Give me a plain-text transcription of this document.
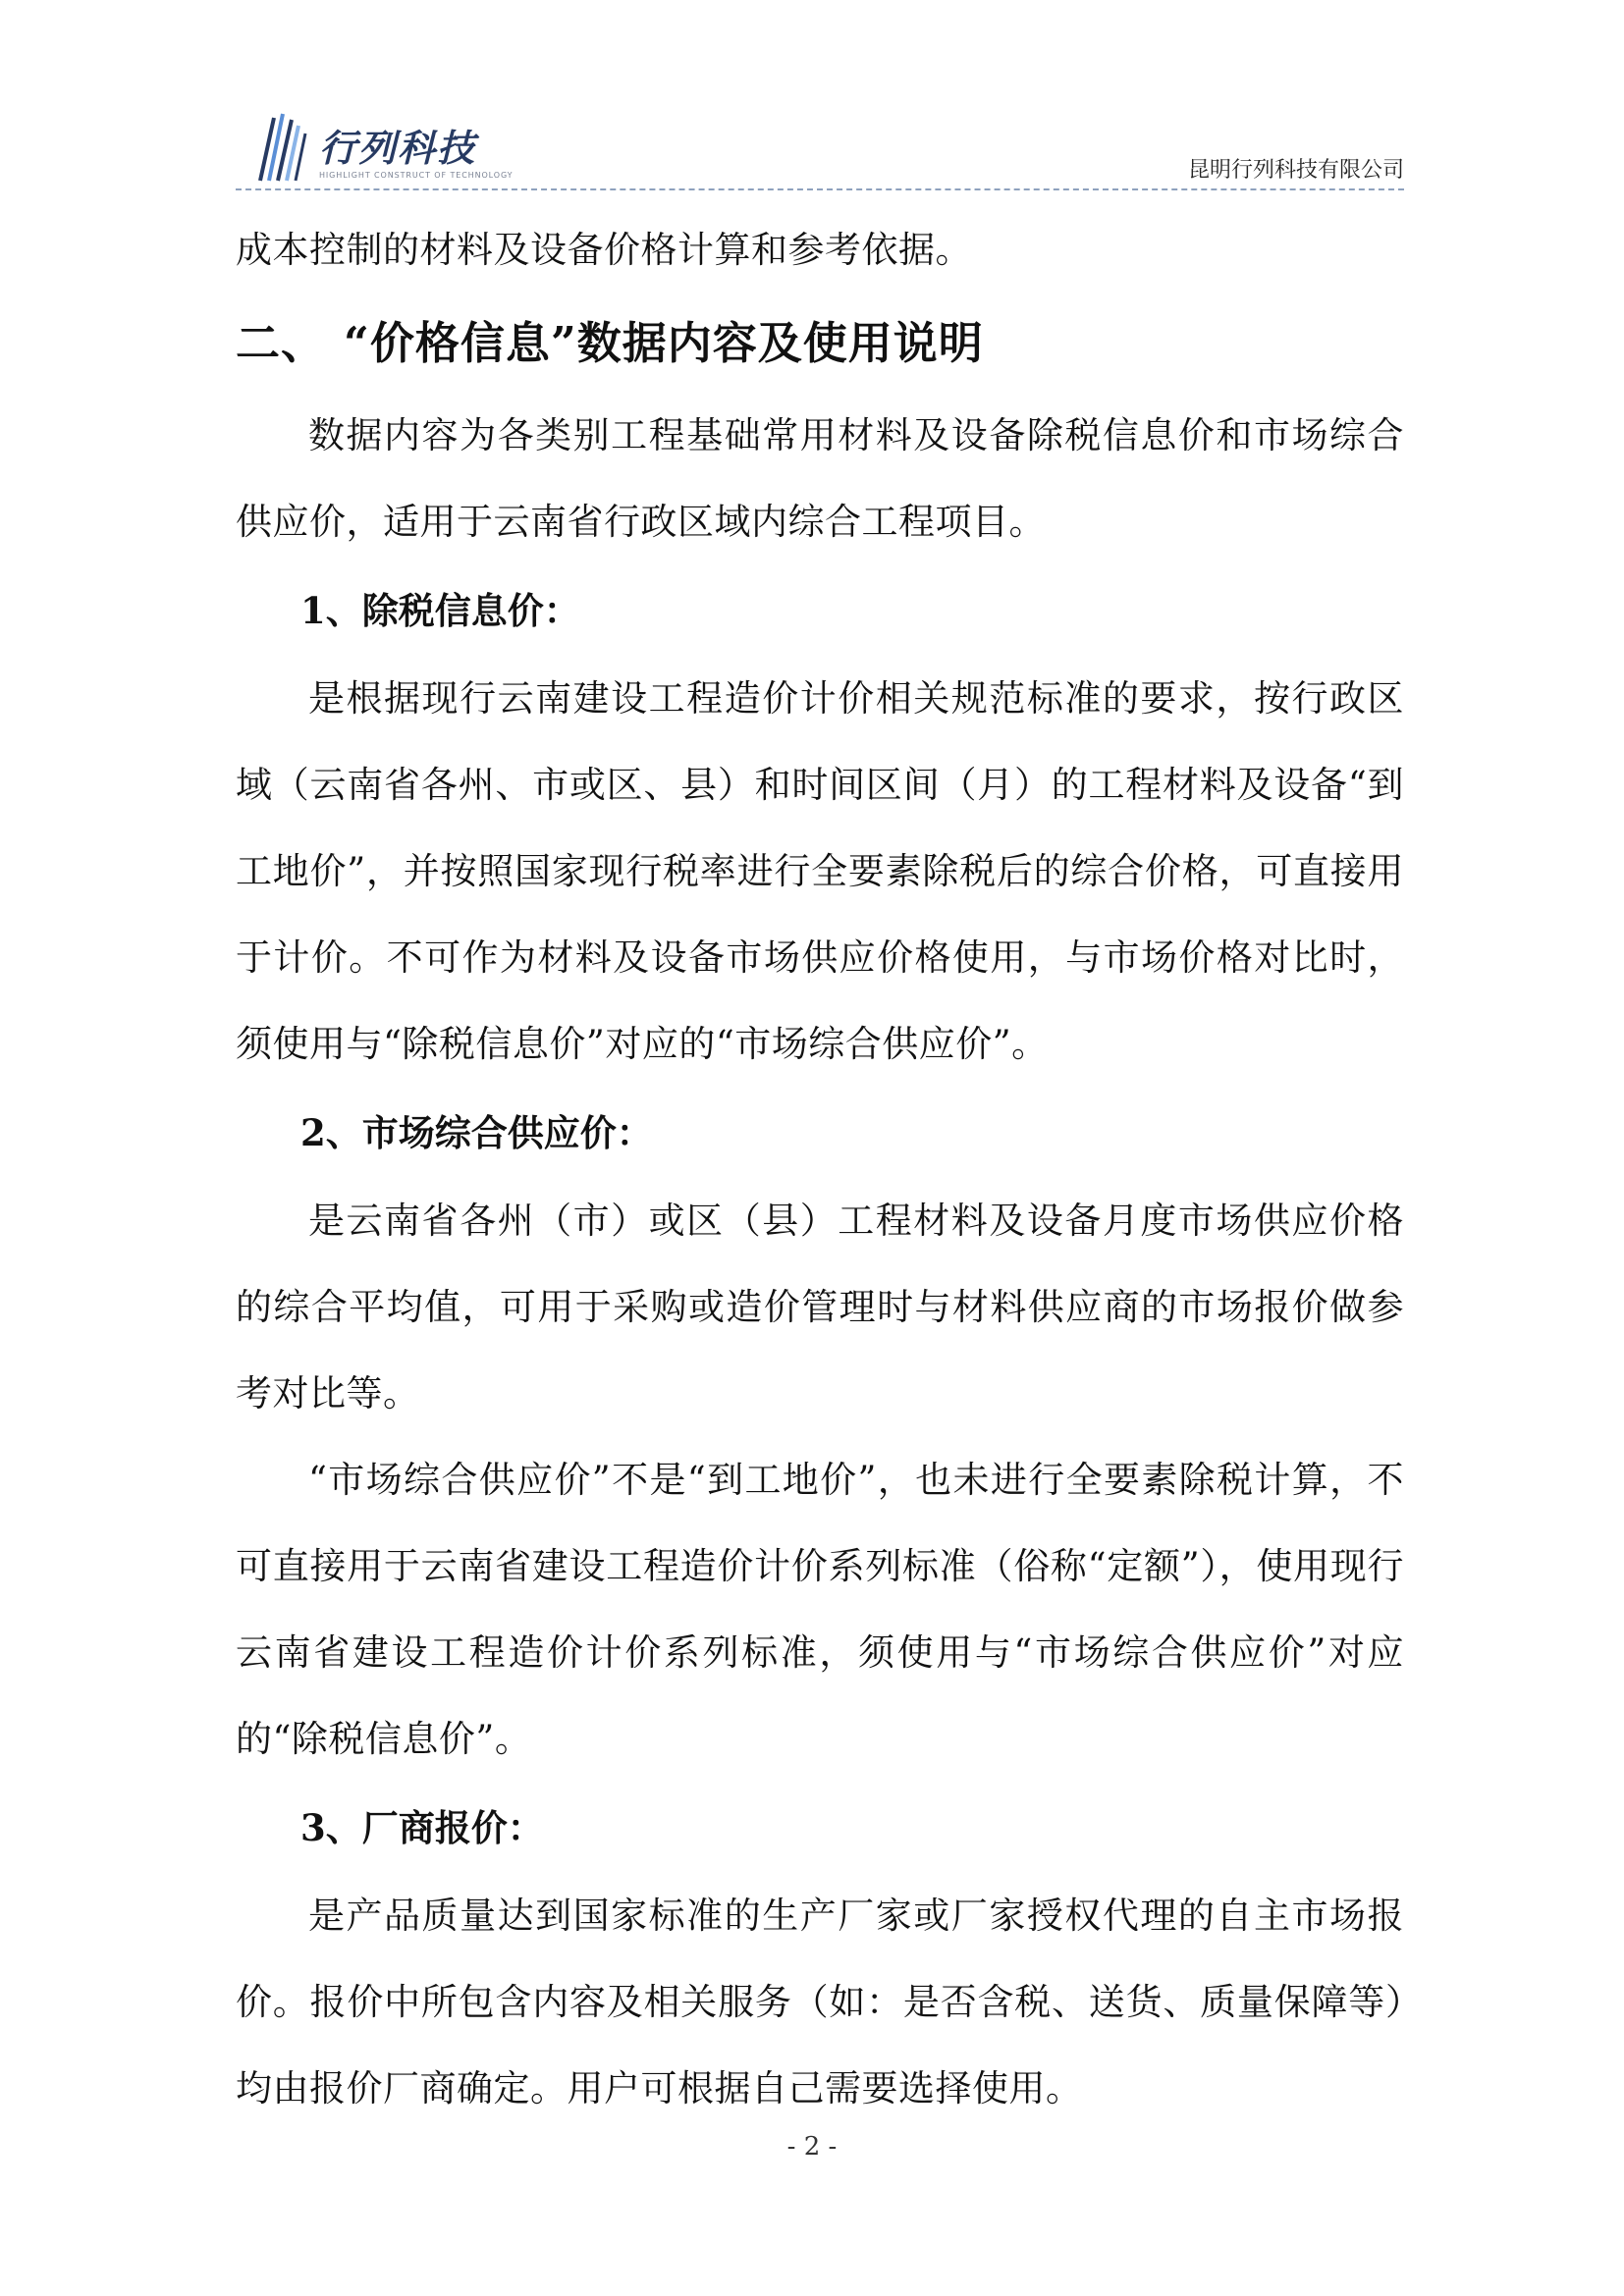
行列科技
HIGHLIGHT CONSTRUCT OF TECHNOLOGY	昆明行列科技有限公司

成本控制的材料及设备价格计算和参考依据。

二、 “价格信息”数据内容及使用说明

数据内容为各类别工程基础常用材料及设备除税信息价和市场综合供应价，适用于云南省行政区域内综合工程项目。

1、除税信息价：

是根据现行云南建设工程造价计价相关规范标准的要求，按行政区域（云南省各州、市或区、县）和时间区间（月）的工程材料及设备“到工地价”，并按照国家现行税率进行全要素除税后的综合价格，可直接用于计价。不可作为材料及设备市场供应价格使用，与市场价格对比时，须使用与“除税信息价”对应的“市场综合供应价”。

2、市场综合供应价：

是云南省各州（市）或区（县）工程材料及设备月度市场供应价格的综合平均值，可用于采购或造价管理时与材料供应商的市场报价做参考对比等。

“市场综合供应价”不是“到工地价”，也未进行全要素除税计算，不可直接用于云南省建设工程造价计价系列标准（俗称“定额”），使用现行云南省建设工程造价计价系列标准，须使用与“市场综合供应价”对应的“除税信息价”。

3、厂商报价：

是产品质量达到国家标准的生产厂家或厂家授权代理的自主市场报价。报价中所包含内容及相关服务（如：是否含税、送货、质量保障等）均由报价厂商确定。用户可根据自己需要选择使用。

- 2 -
